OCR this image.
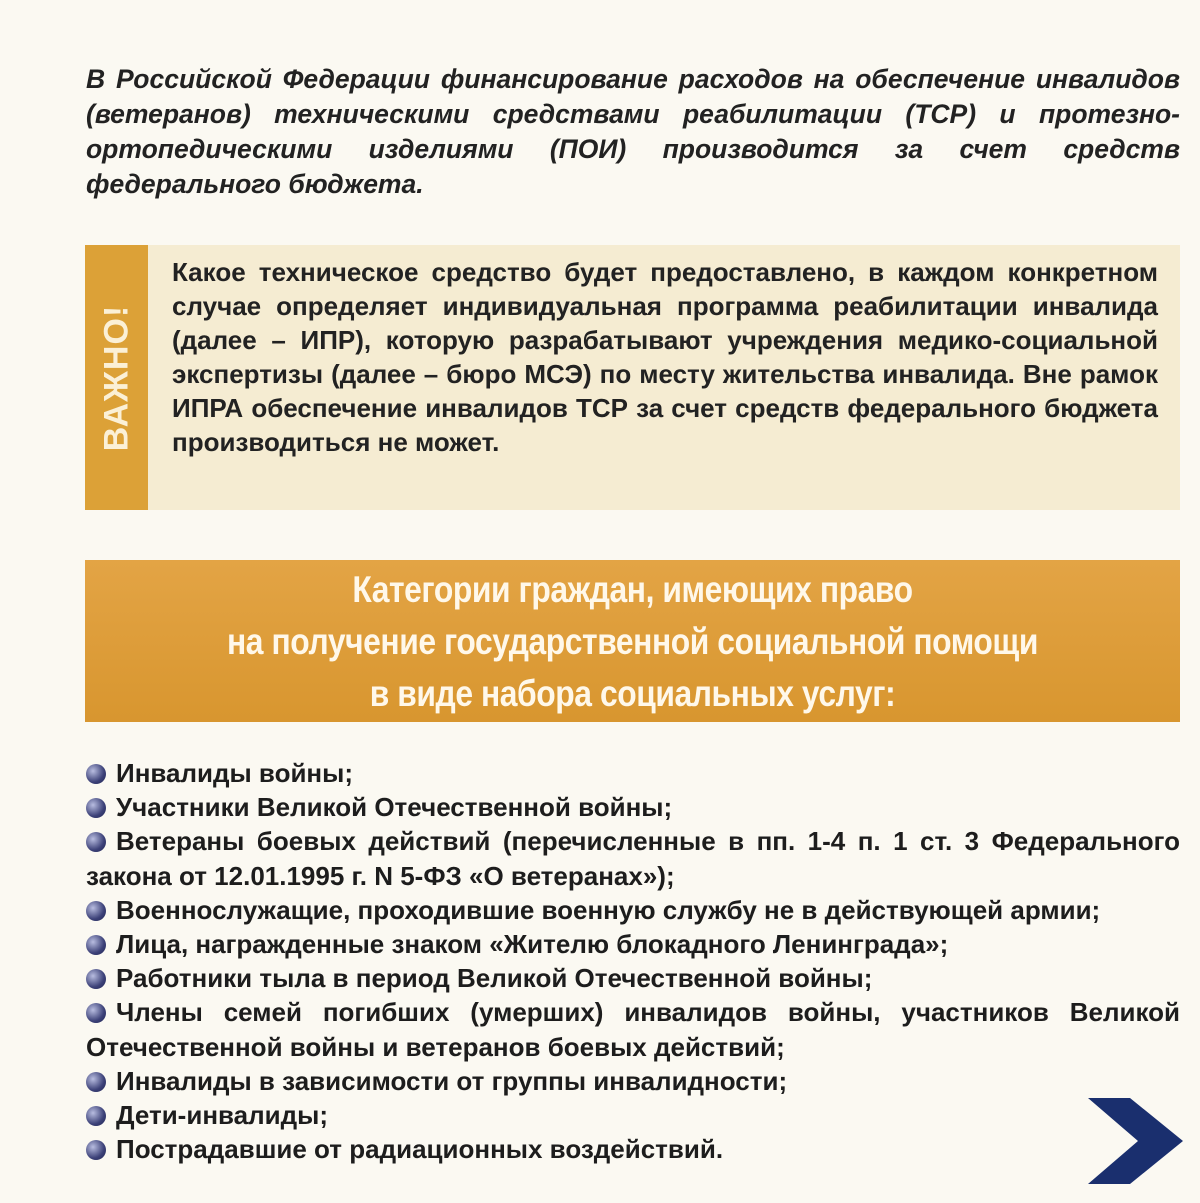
В Российской Федерации финансирование расходов на обеспечение инвалидов (ветеранов) техническими средствами реабилитации (ТСР) и протезно-ортопедическими изделиями (ПОИ) производится за счет средств федерального бюджета.
ВАЖНО!
Какое техническое средство будет предоставлено, в каждом конкретном случае определяет индивидуальная программа реабилитации инвалида (далее – ИПР), которую разрабатывают учреждения медико-социальной экспертизы (далее – бюро МСЭ) по месту жительства инвалида. Вне рамок ИПРА обеспечение инвалидов ТСР за счет средств федерального бюджета производиться не может.
Категории граждан, имеющих право
на получение государственной социальной помощи
в виде набора социальных услуг:
Инвалиды войны;
Участники Великой Отечественной войны;
Ветераны боевых действий (перечисленные в пп. 1-4 п. 1 ст. 3 Федерального закона от 12.01.1995 г. N 5-ФЗ «О ветеранах»);
Военнослужащие, проходившие военную службу не в действующей армии;
Лица, награжденные знаком «Жителю блокадного Ленинграда»;
Работники тыла в период Великой Отечественной войны;
Члены семей погибших (умерших) инвалидов войны, участников Великой Отечественной войны и ветеранов боевых действий;
Инвалиды в зависимости от группы инвалидности;
Дети-инвалиды;
Пострадавшие от радиационных воздействий.
